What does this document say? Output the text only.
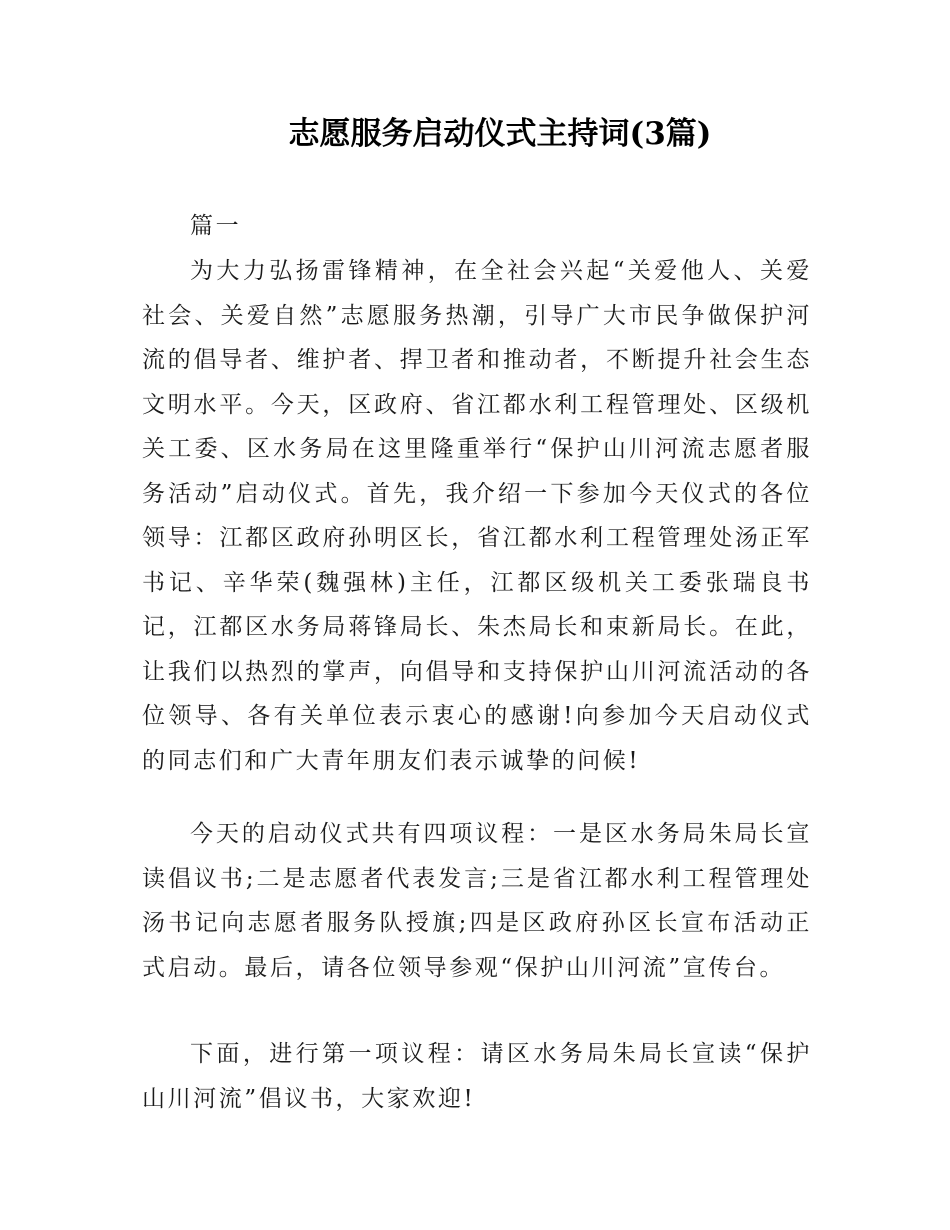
志愿服务启动仪式主持词(3篇)

篇一

为大力弘扬雷锋精神，在全社会兴起“关爱他人、关爱社会、关爱自然”志愿服务热潮，引导广大市民争做保护河流的倡导者、维护者、捍卫者和推动者，不断提升社会生态文明水平。今天，区政府、省江都水利工程管理处、区级机关工委、区水务局在这里隆重举行“保护山川河流志愿者服务活动”启动仪式。首先，我介绍一下参加今天仪式的各位领导：江都区政府孙明区长，省江都水利工程管理处汤正军书记、辛华荣(魏强林)主任，江都区级机关工委张瑞良书记，江都区水务局蒋锋局长、朱杰局长和束新局长。在此，让我们以热烈的掌声，向倡导和支持保护山川河流活动的各位领导、各有关单位表示衷心的感谢!向参加今天启动仪式的同志们和广大青年朋友们表示诚挚的问候!

今天的启动仪式共有四项议程：一是区水务局朱局长宣读倡议书;二是志愿者代表发言;三是省江都水利工程管理处汤书记向志愿者服务队授旗;四是区政府孙区长宣布活动正式启动。最后，请各位领导参观“保护山川河流”宣传台。

下面，进行第一项议程：请区水务局朱局长宣读“保护山川河流”倡议书，大家欢迎!
